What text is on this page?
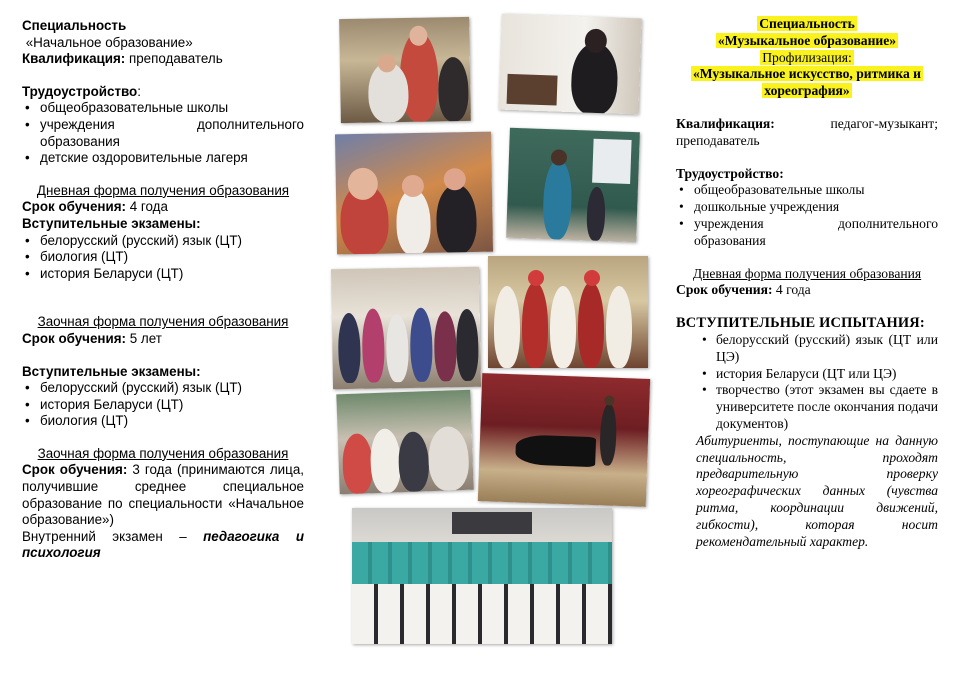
Специальность

«Начальное образование»

Квалификация: преподаватель

Трудоустройство:

• общеобразовательные школы
• учреждения дополнительного образования
• детские оздоровительные лагеря

Дневная форма получения образования

Срок обучения: 4 года

Вступительные экзамены:

• белорусский (русский) язык (ЦТ)
• биология (ЦТ)
• история Беларуси (ЦТ)

Заочная форма получения образования

Срок обучения: 5 лет

Вступительные экзамены:

• белорусский (русский) язык (ЦТ)
• история Беларуси (ЦТ)
• биология (ЦТ)

Заочная форма получения образования

Срок обучения: 3 года (принимаются лица, получившие среднее специальное образование по специальности «Начальное образование»)

Внутренний экзамен – педагогика и психология

Специальность

«Музыкальное образование»

Профилизация:

«Музыкальное искусство, ритмика и
хореография»

Квалификация: педагог-музыкант; преподаватель

Трудоустройство:

• общеобразовательные школы
• дошкольные учреждения
• учреждения дополнительного образования

Дневная форма получения образования

Срок обучения: 4 года

ВСТУПИТЕЛЬНЫЕ ИСПЫТАНИЯ:

• белорусский (русский) язык (ЦТ или ЦЭ)
• история Беларуси (ЦТ или ЦЭ)
• творчество (этот экзамен вы сдаете в университете после окончания подачи документов)

Абитуриенты, поступающие на данную специальность, проходят предварительную проверку хореографических данных (чувства ритма, координации движений, гибкости), которая носит рекомендательный характер.
